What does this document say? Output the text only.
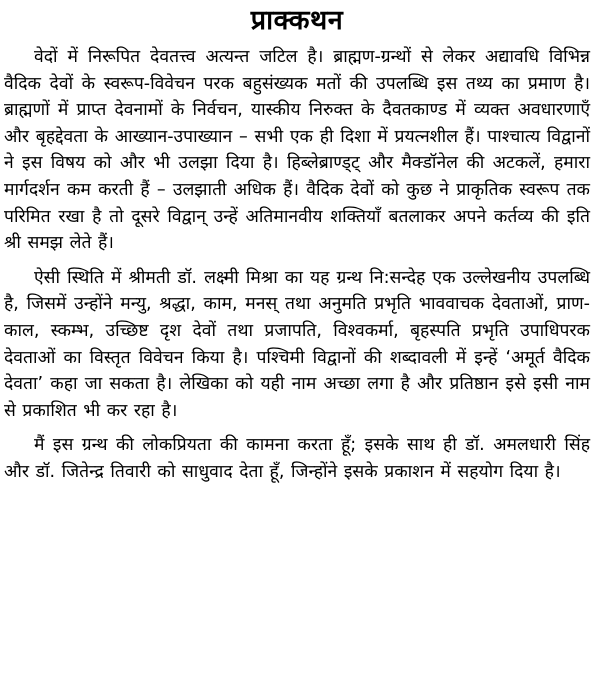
प्राक्कथन

वेदों में निरूपित देवतत्त्व अत्यन्त जटिल है। ब्राह्मण-ग्रन्थों से लेकर अद्यावधि विभिन्न वैदिक देवों के स्वरूप-विवेचन परक बहुसंख्यक मतों की उपलब्धि इस तथ्य का प्रमाण है। ब्राह्मणों में प्राप्त देवनामों के निर्वचन, यास्कीय निरुक्त के दैवतकाण्ड में व्यक्त अवधारणाएँ और बृहद्देवता के आख्यान-उपाख्यान – सभी एक ही दिशा में प्रयत्नशील हैं। पाश्चात्य विद्वानों ने इस विषय को और भी उलझा दिया है। हिब्लेब्राण्ड्ट् और मैक्डॉनेल की अटकलें, हमारा मार्गदर्शन कम करती हैं – उलझाती अधिक हैं। वैदिक देवों को कुछ ने प्राकृतिक स्वरूप तक परिमित रखा है तो दूसरे विद्वान् उन्हें अतिमानवीय शक्तियाँ बतलाकर अपने कर्तव्य की इति श्री समझ लेते हैं।

ऐसी स्थिति में श्रीमती डॉ. लक्ष्मी मिश्रा का यह ग्रन्थ नि:सन्देह एक उल्लेखनीय उपलब्धि है, जिसमें उन्होंने मन्यु, श्रद्धा, काम, मनस् तथा अनुमति प्रभृति भाववाचक देवताओं, प्राण-काल, स्कम्भ, उच्छिष्ट दृश देवों तथा प्रजापति, विश्वकर्मा, बृहस्पति प्रभृति उपाधिपरक देवताओं का विस्तृत विवेचन किया है। पश्चिमी विद्वानों की शब्दावली में इन्हें ‘अमूर्त वैदिक देवता’ कहा जा सकता है। लेखिका को यही नाम अच्छा लगा है और प्रतिष्ठान इसे इसी नाम से प्रकाशित भी कर रहा है।

मैं इस ग्रन्थ की लोकप्रियता की कामना करता हूँ; इसके साथ ही डॉ. अमलधारी सिंह और डॉ. जितेन्द्र तिवारी को साधुवाद देता हूँ, जिन्होंने इसके प्रकाशन में सहयोग दिया है।
